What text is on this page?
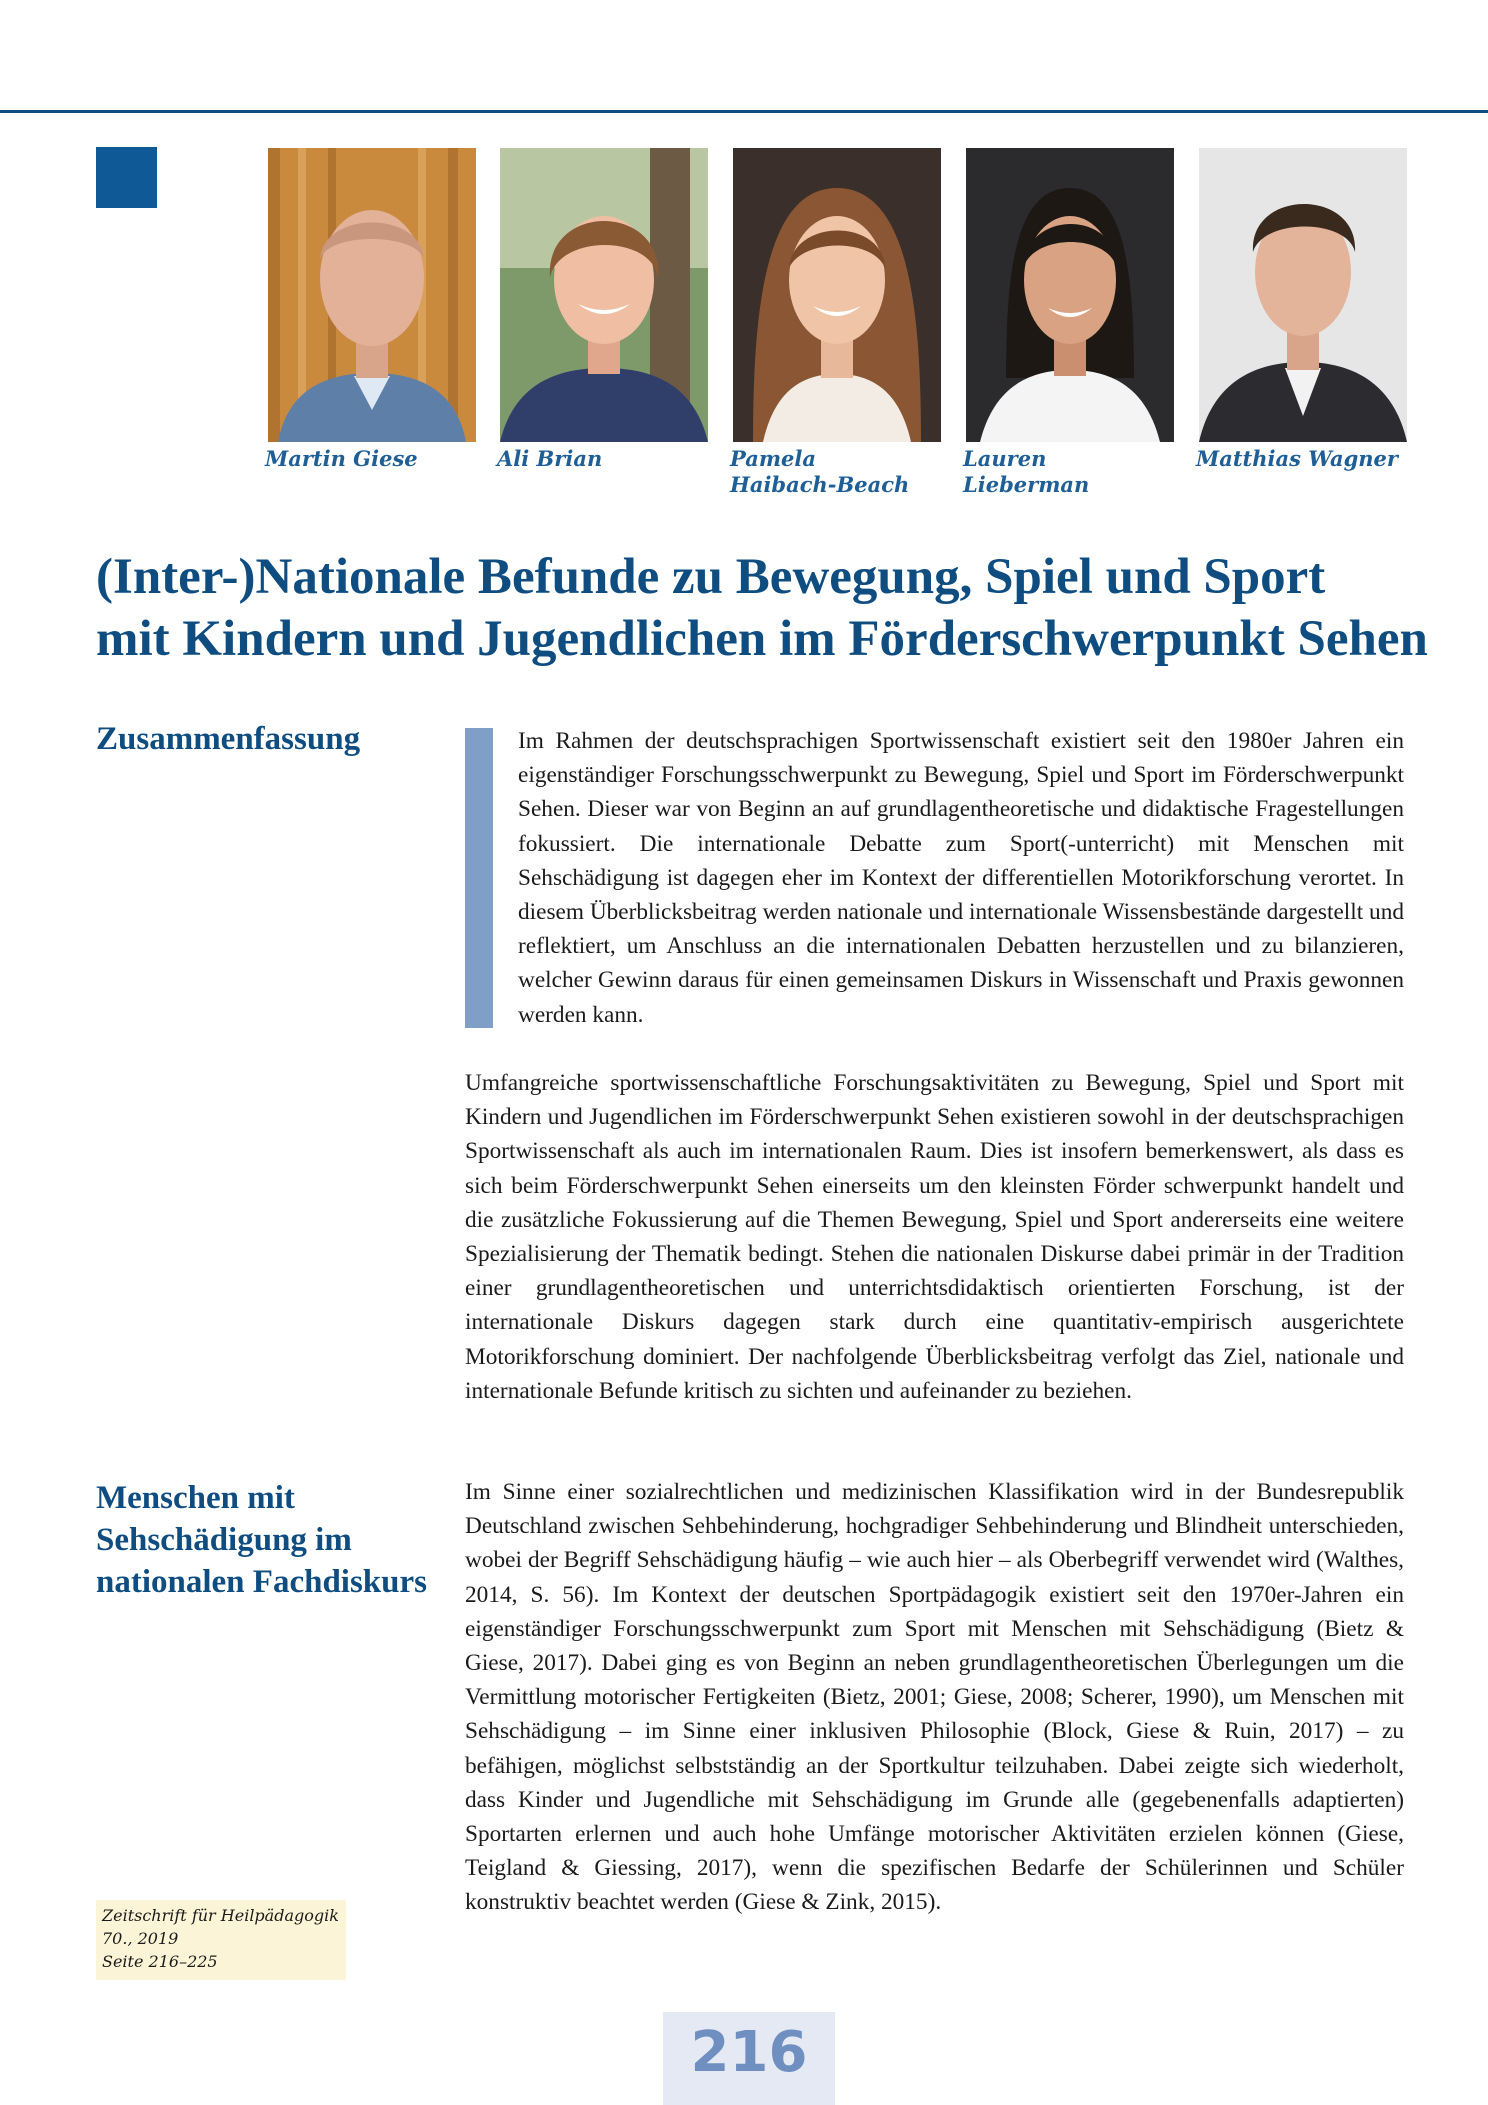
Martin Giese	Ali Brian	Pamela Haibach-Beach
Lauren Lieberman
Matthias Wagner
(Inter-)Nationale Befunde zu Bewegung, Spiel und Sport
mit Kindern und Jugendlichen im Förderschwerpunkt Sehen
Zusammenfassung	Im Rahmen der deutschsprachigen Sportwissenschaft existiert seit den 1980er Jahren ein eigenständiger Forschungsschwerpunkt zu Bewegung, Spiel und Sport im Förderschwerpunkt Sehen. Dieser war von Beginn an auf grundlagentheoretische und didaktische Fragestellungen fokussiert. Die internationale Debatte zum Sport(-unterricht) mit Menschen mit Sehschädigung ist dagegen eher im Kontext der differentiellen Motorikforschung verortet. In diesem Überblicksbeitrag werden nationale und internationale Wissensbestände dargestellt und reflektiert, um Anschluss an die internationalen Debatten herzustellen und zu bilanzieren, welcher Gewinn daraus für einen gemeinsamen Diskurs in Wissenschaft und Praxis gewonnen werden kann.

Umfangreiche sportwissenschaftliche Forschungsaktivitäten zu Bewegung, Spiel und Sport mit Kindern und Jugendlichen im Förderschwerpunkt Sehen existieren sowohl in der deutschsprachigen Sportwissenschaft als auch im internationalen Raum. Dies ist insofern bemerkenswert, als dass es sich beim Förderschwerpunkt Sehen einerseits um den kleinsten Förder schwerpunkt handelt und die zusätzliche Fokussierung auf die Themen Bewegung, Spiel und Sport andererseits eine weitere Spezialisierung der Thematik bedingt. Stehen die nationalen Diskurse dabei primär in der Tradition einer grundlagentheoretischen und unterrichtsdidaktisch orientierten Forschung, ist der internationale Diskurs dagegen stark durch eine quantitativ-empirisch ausgerichtete Motorikforschung dominiert. Der nachfolgende Überblicksbeitrag verfolgt das Ziel, nationale und internationale Befunde kritisch zu sichten und aufeinander zu beziehen.

Menschen mit Sehschädigung im nationalen Fachdiskurs

Im Sinne einer sozialrechtlichen und medizinischen Klassifikation wird in der Bundesrepublik Deutschland zwischen Sehbehinderung, hochgradiger Sehbehinderung und Blindheit unterschieden, wobei der Begriff Sehschädigung häufig – wie auch hier – als Oberbegriff verwendet wird (Walthes, 2014, S. 56). Im Kontext der deutschen Sportpädagogik existiert seit den 1970er-Jahren ein eigenständiger Forschungsschwerpunkt zum Sport mit Menschen mit Sehschädigung (Bietz & Giese, 2017). Dabei ging es von Beginn an neben grundlagentheoretischen Überlegungen um die Vermittlung motorischer Fertigkeiten (Bietz, 2001; Giese, 2008; Scherer, 1990), um Menschen mit Sehschädigung – im Sinne einer inklusiven Philosophie (Block, Giese & Ruin, 2017) – zu befähigen, möglichst selbstständig an der Sportkultur teilzuhaben. Dabei zeigte sich wiederholt, dass Kinder und Jugendliche mit Sehschädigung im Grunde alle (gegebenenfalls adaptierten) Sportarten erlernen und auch hohe Umfänge motorischer Aktivitäten erzielen können (Giese, Teigland & Giessing, 2017), wenn die spezifischen Bedarfe der Schülerinnen und Schüler konstruktiv beachtet werden (Giese & Zink, 2015).

Zeitschrift für Heilpädagogik
70., 2019
Seite 216–225
216
